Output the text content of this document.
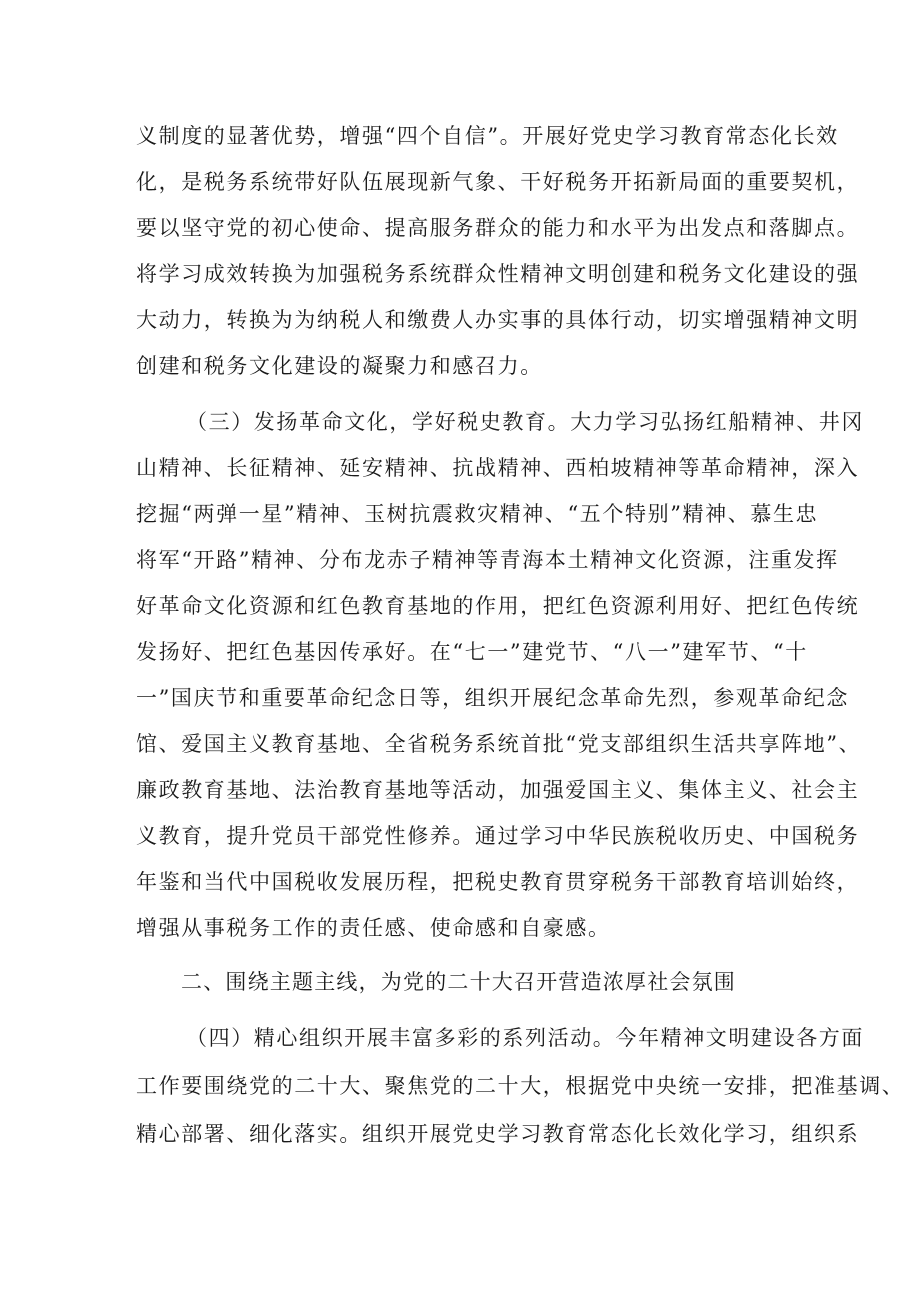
义制度的显著优势，增强“四个自信”。开展好党史学习教育常态化长效
化，是税务系统带好队伍展现新气象、干好税务开拓新局面的重要契机，
要以坚守党的初心使命、提高服务群众的能力和水平为出发点和落脚点。
将学习成效转换为加强税务系统群众性精神文明创建和税务文化建设的强
大动力，转换为为纳税人和缴费人办实事的具体行动，切实增强精神文明
创建和税务文化建设的凝聚力和感召力。
（三）发扬革命文化，学好税史教育。大力学习弘扬红船精神、井冈
山精神、长征精神、延安精神、抗战精神、西柏坡精神等革命精神，深入
挖掘“两弹一星”精神、玉树抗震救灾精神、“五个特别”精神、慕生忠
将军“开路”精神、分布龙赤子精神等青海本土精神文化资源，注重发挥
好革命文化资源和红色教育基地的作用，把红色资源利用好、把红色传统
发扬好、把红色基因传承好。在“七一”建党节、“八一”建军节、“十
一”国庆节和重要革命纪念日等，组织开展纪念革命先烈，参观革命纪念
馆、爱国主义教育基地、全省税务系统首批“党支部组织生活共享阵地”、
廉政教育基地、法治教育基地等活动，加强爱国主义、集体主义、社会主
义教育，提升党员干部党性修养。通过学习中华民族税收历史、中国税务
年鉴和当代中国税收发展历程，把税史教育贯穿税务干部教育培训始终，
增强从事税务工作的责任感、使命感和自豪感。
二、围绕主题主线，为党的二十大召开营造浓厚社会氛围
（四）精心组织开展丰富多彩的系列活动。今年精神文明建设各方面
工作要围绕党的二十大、聚焦党的二十大，根据党中央统一安排，把准基调、
精心部署、细化落实。组织开展党史学习教育常态化长效化学习，组织系
